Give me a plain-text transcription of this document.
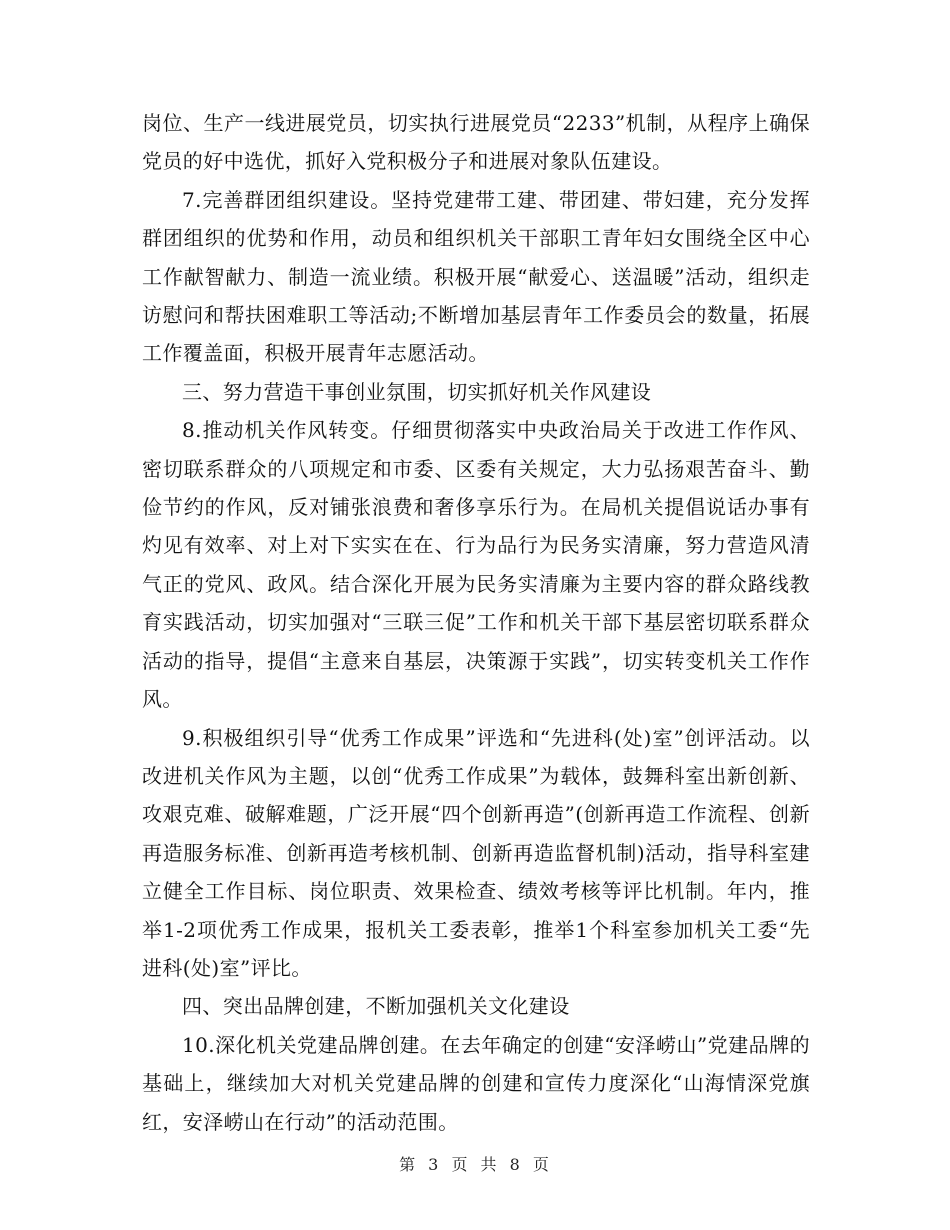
岗位、生产一线进展党员，切实执行进展党员“2233”机制，从程序上确保党员的好中选优，抓好入党积极分子和进展对象队伍建设。

7.完善群团组织建设。坚持党建带工建、带团建、带妇建，充分发挥群团组织的优势和作用，动员和组织机关干部职工青年妇女围绕全区中心工作献智献力、制造一流业绩。积极开展“献爱心、送温暖”活动，组织走访慰问和帮扶困难职工等活动;不断增加基层青年工作委员会的数量，拓展工作覆盖面，积极开展青年志愿活动。

三、努力营造干事创业氛围，切实抓好机关作风建设

8.推动机关作风转变。仔细贯彻落实中央政治局关于改进工作作风、密切联系群众的八项规定和市委、区委有关规定，大力弘扬艰苦奋斗、勤俭节约的作风，反对铺张浪费和奢侈享乐行为。在局机关提倡说话办事有灼见有效率、对上对下实实在在、行为品行为民务实清廉，努力营造风清气正的党风、政风。结合深化开展为民务实清廉为主要内容的群众路线教育实践活动，切实加强对“三联三促”工作和机关干部下基层密切联系群众活动的指导，提倡“主意来自基层，决策源于实践”，切实转变机关工作作风。

9.积极组织引导“优秀工作成果”评选和“先进科(处)室”创评活动。以改进机关作风为主题，以创“优秀工作成果”为载体，鼓舞科室出新创新、攻艰克难、破解难题，广泛开展“四个创新再造”(创新再造工作流程、创新再造服务标准、创新再造考核机制、创新再造监督机制)活动，指导科室建立健全工作目标、岗位职责、效果检查、绩效考核等评比机制。年内，推举1-2项优秀工作成果，报机关工委表彰，推举1个科室参加机关工委“先进科(处)室”评比。

四、突出品牌创建，不断加强机关文化建设

10.深化机关党建品牌创建。在去年确定的创建“安泽崂山”党建品牌的基础上，继续加大对机关党建品牌的创建和宣传力度深化“山海情深党旗红，安泽崂山在行动”的活动范围。

第 3 页 共 8 页
